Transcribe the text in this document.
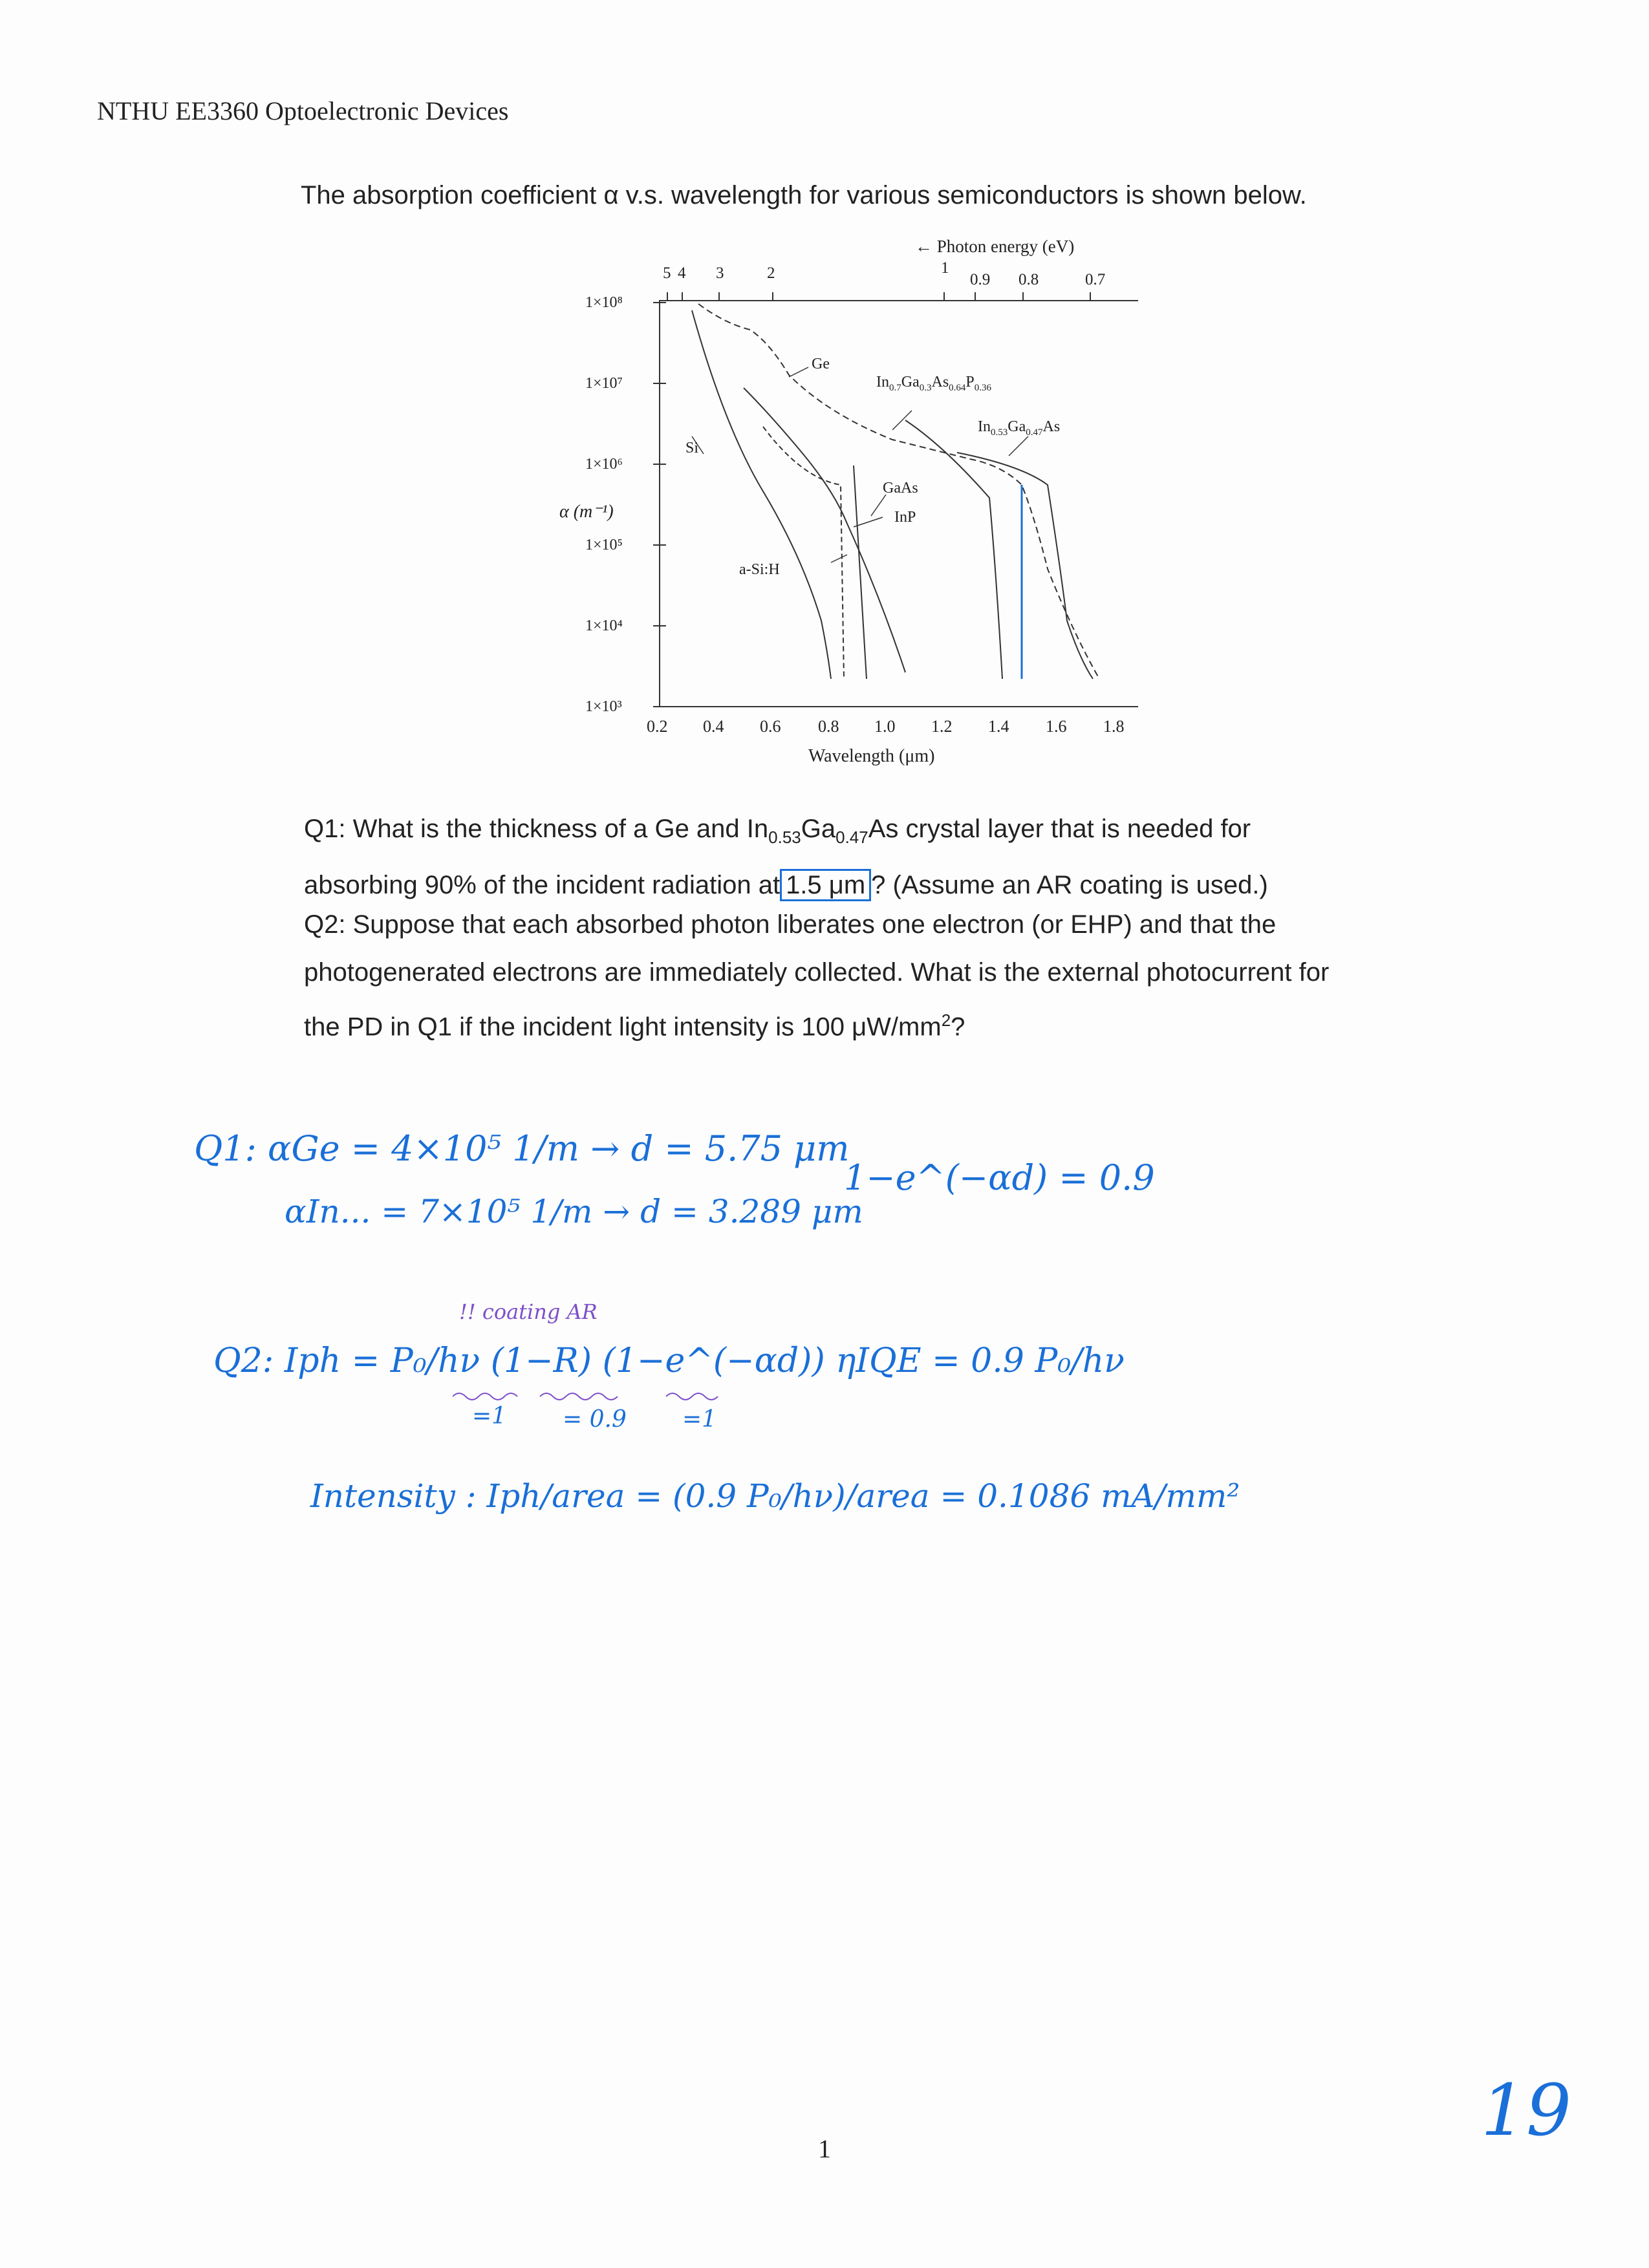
NTHU EE3360 Optoelectronic Devices
The absorption coefficient α v.s. wavelength for various semiconductors is shown below.
← Photon energy (eV)
5 4 3	2	1
0.9 0.8	0.7
1×10⁸
1×10⁷
1×10⁶
1×10⁵
1×10⁴
1×10³
α (m⁻¹)
0.2 0.4 0.6 0.8 1.0 1.2 1.4 1.6 1.8
Wavelength (μm)
Ge
Si
GaAs
InP
a-Si:H
$In_{0.7}Ga_{0.3}As_{0.64}P_{0.36}$
$In_{0.53}Ga_{0.47}As$
Q1: What is the thickness of a Ge and $In_{0.53}Ga_{0.47}As$ crystal layer that is needed for
absorbing 90% of the incident radiation at 1.5 μm ? (Assume an AR coating is used.)
Q2: Suppose that each absorbed photon liberates one electron (or EHP) and that the
photogenerated electrons are immediately collected. What is the external photocurrent for
the PD in Q1 if the incident light intensity is 100 $\mu W/mm^2$?
Q1: αGe = 4×10⁵ 1/m → d = 5.75 μm
αIn... = 7×10⁵ 1/m → d = 3.289 μm
1−e^(−αd) = 0.9
!! coating AR
Q2: Iph = P₀/hν (1−R) (1−e^(−αd)) ηIQE = 0.9 P₀/hν
=1 = 0.9 =1
Intensity : Iph/area = (0.9 P₀/hν)/area = 0.1086 mA/mm²
1	19
